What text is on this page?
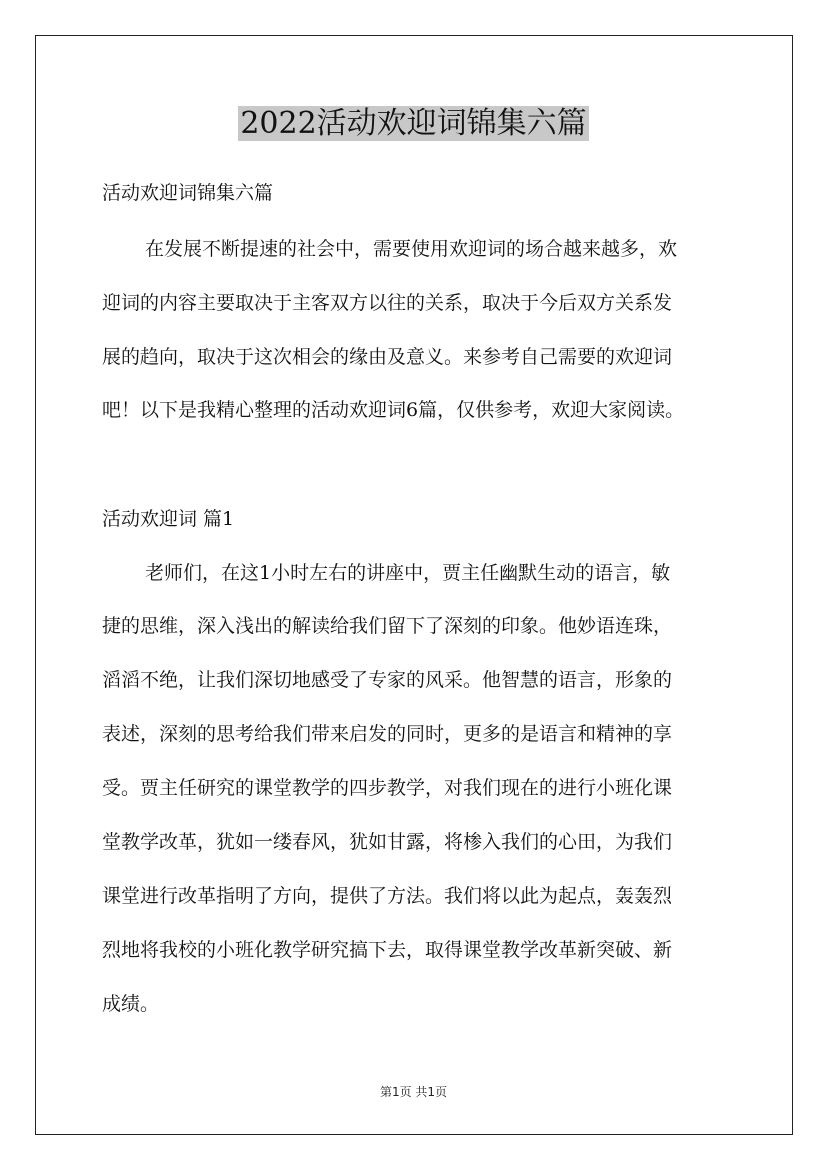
2022活动欢迎词锦集六篇
活动欢迎词锦集六篇
在发展不断提速的社会中，需要使用欢迎词的场合越来越多，欢
迎词的内容主要取决于主客双方以往的关系，取决于今后双方关系发
展的趋向，取决于这次相会的缘由及意义。来参考自己需要的欢迎词
吧！以下是我精心整理的活动欢迎词6篇，仅供参考，欢迎大家阅读。
活动欢迎词 篇1
老师们，在这1小时左右的讲座中，贾主任幽默生动的语言，敏
捷的思维，深入浅出的解读给我们留下了深刻的印象。他妙语连珠，
滔滔不绝，让我们深切地感受了专家的风采。他智慧的语言，形象的
表述，深刻的思考给我们带来启发的同时，更多的是语言和精神的享
受。贾主任研究的课堂教学的四步教学，对我们现在的进行小班化课
堂教学改革，犹如一缕春风，犹如甘露，将椮入我们的心田，为我们
课堂进行改革指明了方向，提供了方法。我们将以此为起点，轰轰烈
烈地将我校的小班化教学研究搞下去，取得课堂教学改革新突破、新
成绩。
第1页 共1页
